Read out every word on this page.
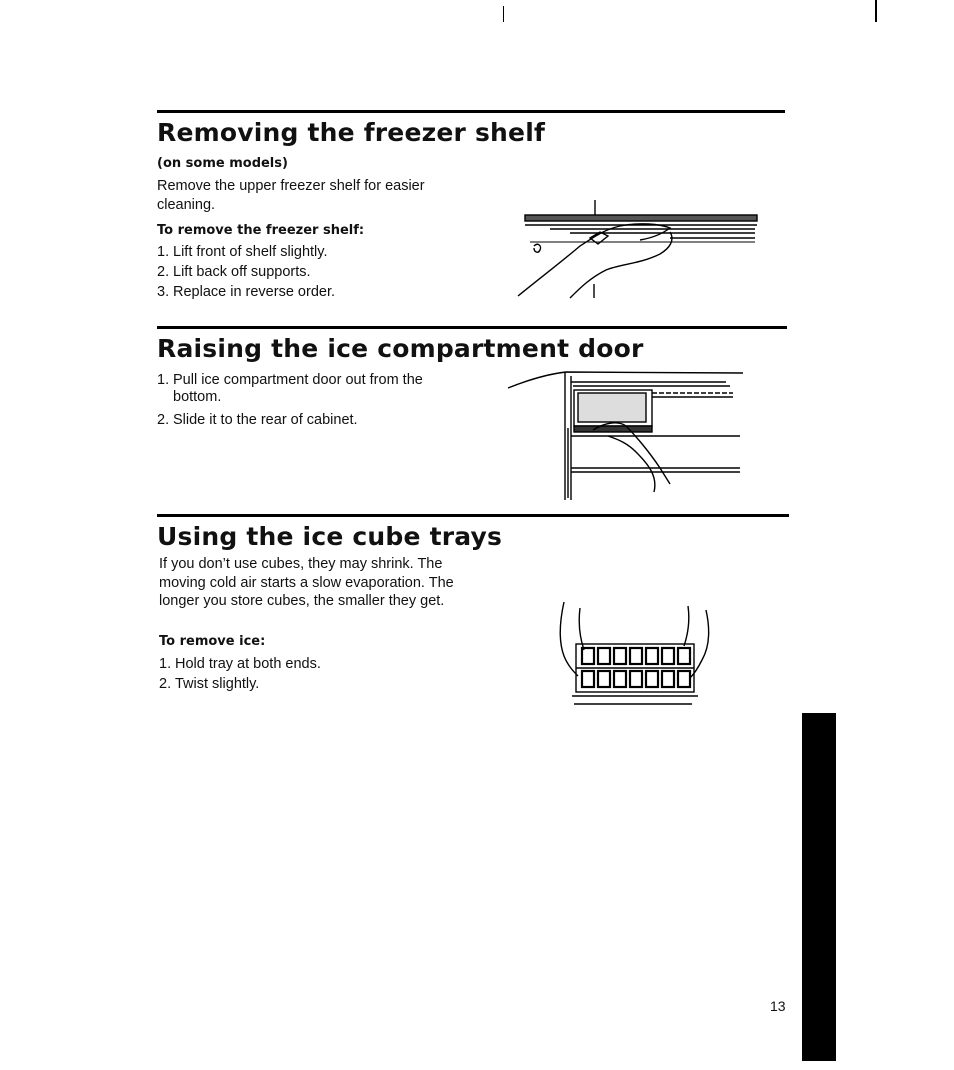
Removing the freezer shelf
(on some models)

Remove the upper freezer shelf for easier cleaning.

To remove the freezer shelf:
1. Lift front of shelf slightly.
2. Lift back off supports.
3. Replace in reverse order.
Raising the ice compartment door
1. Pull ice compartment door out from the bottom.
2. Slide it to the rear of cabinet.
Using the ice cube trays

If you don’t use cubes, they may shrink. The moving cold air starts a slow evaporation. The longer you store cubes, the smaller they get.

To remove ice:
1. Hold tray at both ends.
2. Twist slightly.
13
